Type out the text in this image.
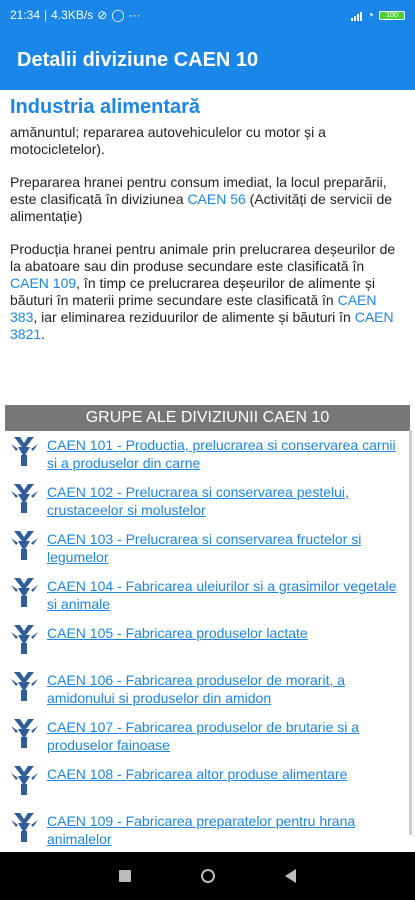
21:34 | 4.3KB/s ⊘ ◯ ···	◔ 100
Detalii diviziune CAEN 10
Industria alimentară

amănuntul; repararea autovehiculelor cu motor și a motocicletelor).

Prepararea hranei pentru consum imediat, la locul preparării, este clasificată în diviziunea CAEN 56 (Activități de servicii de alimentație)

Producția hranei pentru animale prin prelucrarea deșeurilor de la abatoare sau din produse secundare este clasificată în CAEN 109, în timp ce prelucrarea deșeurilor de alimente și băuturi în materii prime secundare este clasificată în CAEN 383, iar eliminarea reziduurilor de alimente și băuturi în CAEN 3821.

GRUPE ALE DIVIZIUNII CAEN 10
CAEN 101 - Productia, prelucrarea si conservarea carnii si a produselor din carne
CAEN 102 - Prelucrarea si conservarea pestelui, crustaceelor si molustelor
CAEN 103 - Prelucrarea si conservarea fructelor si legumelor
CAEN 104 - Fabricarea uleiurilor si a grasimilor vegetale si animale
CAEN 105 - Fabricarea produselor lactate
CAEN 106 - Fabricarea produselor de morarit, a amidonului si produselor din amidon
CAEN 107 - Fabricarea produselor de brutarie si a produselor fainoase
CAEN 108 - Fabricarea altor produse alimentare
CAEN 109 - Fabricarea preparatelor pentru hrana animalelor
